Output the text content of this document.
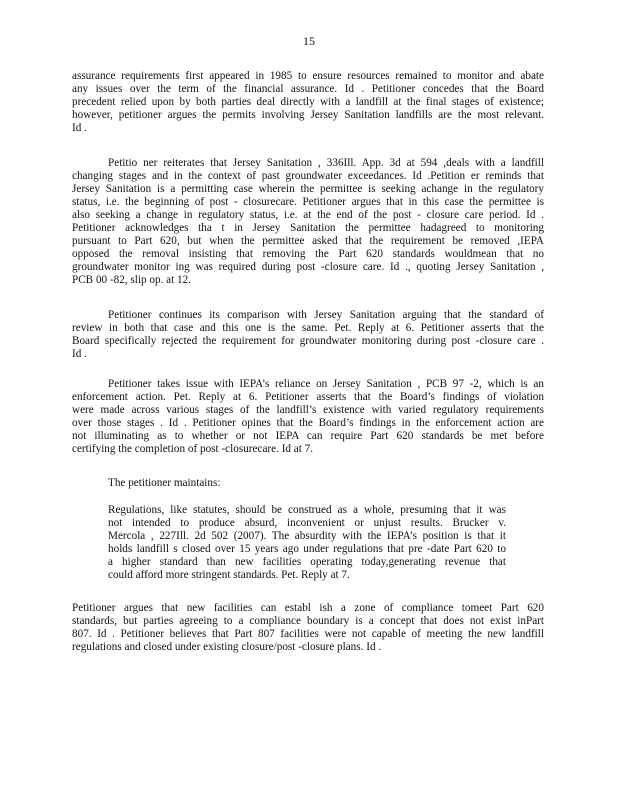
15
assurance requirements first appeared in 1985 to ensure resources remained to monitor and abate
any issues over the term of the financial assurance. Id . Petitioner concedes that the Board
precedent relied upon by both parties deal directly with a landfill at the final stages of existence;
however, petitioner argues the permits involving Jersey Sanitation landfills are the most relevant.
Id .
Petitio ner reiterates that Jersey Sanitation , 336Ill. App. 3d at 594 ,deals with a landfill
changing stages and in the context of past groundwater exceedances. Id .Petition er reminds that
Jersey Sanitation is a permitting case wherein the permittee is seeking achange in the regulatory
status, i.e. the beginning of post - closurecare. Petitioner argues that in this case the permittee is
also seeking a change in regulatory status, i.e. at the end of the post - closure care period. Id .
Petitioner acknowledges tha t in Jersey Sanitation the permittee hadagreed to monitoring
pursuant to Part 620, but when the permittee asked that the requirement be removed ,IEPA
opposed the removal insisting that removing the Part 620 standards wouldmean that no
groundwater monitor ing was required during post -closure care. Id ., quoting Jersey Sanitation ,
PCB 00 -82, slip op. at 12.
Petitioner continues its comparison with Jersey Sanitation arguing that the standard of
review in both that case and this one is the same. Pet. Reply at 6. Petitioner asserts that the
Board specifically rejected the requirement for groundwater monitoring during post -closure care .
Id .
Petitioner takes issue with IEPA’s reliance on Jersey Sanitation , PCB 97 -2, which is an
enforcement action. Pet. Reply at 6. Petitioner asserts that the Board’s findings of violation
were made across various stages of the landfill’s existence with varied regulatory requirements
over those stages . Id . Petitioner opines that the Board’s findings in the enforcement action are
not illuminating as to whether or not IEPA can require Part 620 standards be met before
certifying the completion of post -closurecare. Id at 7.
The petitioner maintains:
Regulations, like statutes, should be construed as a whole, presuming that it was
not intended to produce absurd, inconvenient or unjust results. Brucker v.
Mercola , 227Ill. 2d 502 (2007). The absurdity with the IEPA’s position is that it
holds landfill s closed over 15 years ago under regulations that pre -date Part 620 to
a higher standard than new facilities operating today,generating revenue that
could afford more stringent standards. Pet. Reply at 7.
Petitioner argues that new facilities can establ ish a zone of compliance tomeet Part 620
standards, but parties agreeing to a compliance boundary is a concept that does not exist inPart
807. Id . Petitioner believes that Part 807 facilities were not capable of meeting the new landfill
regulations and closed under existing closure/post -closure plans. Id .
